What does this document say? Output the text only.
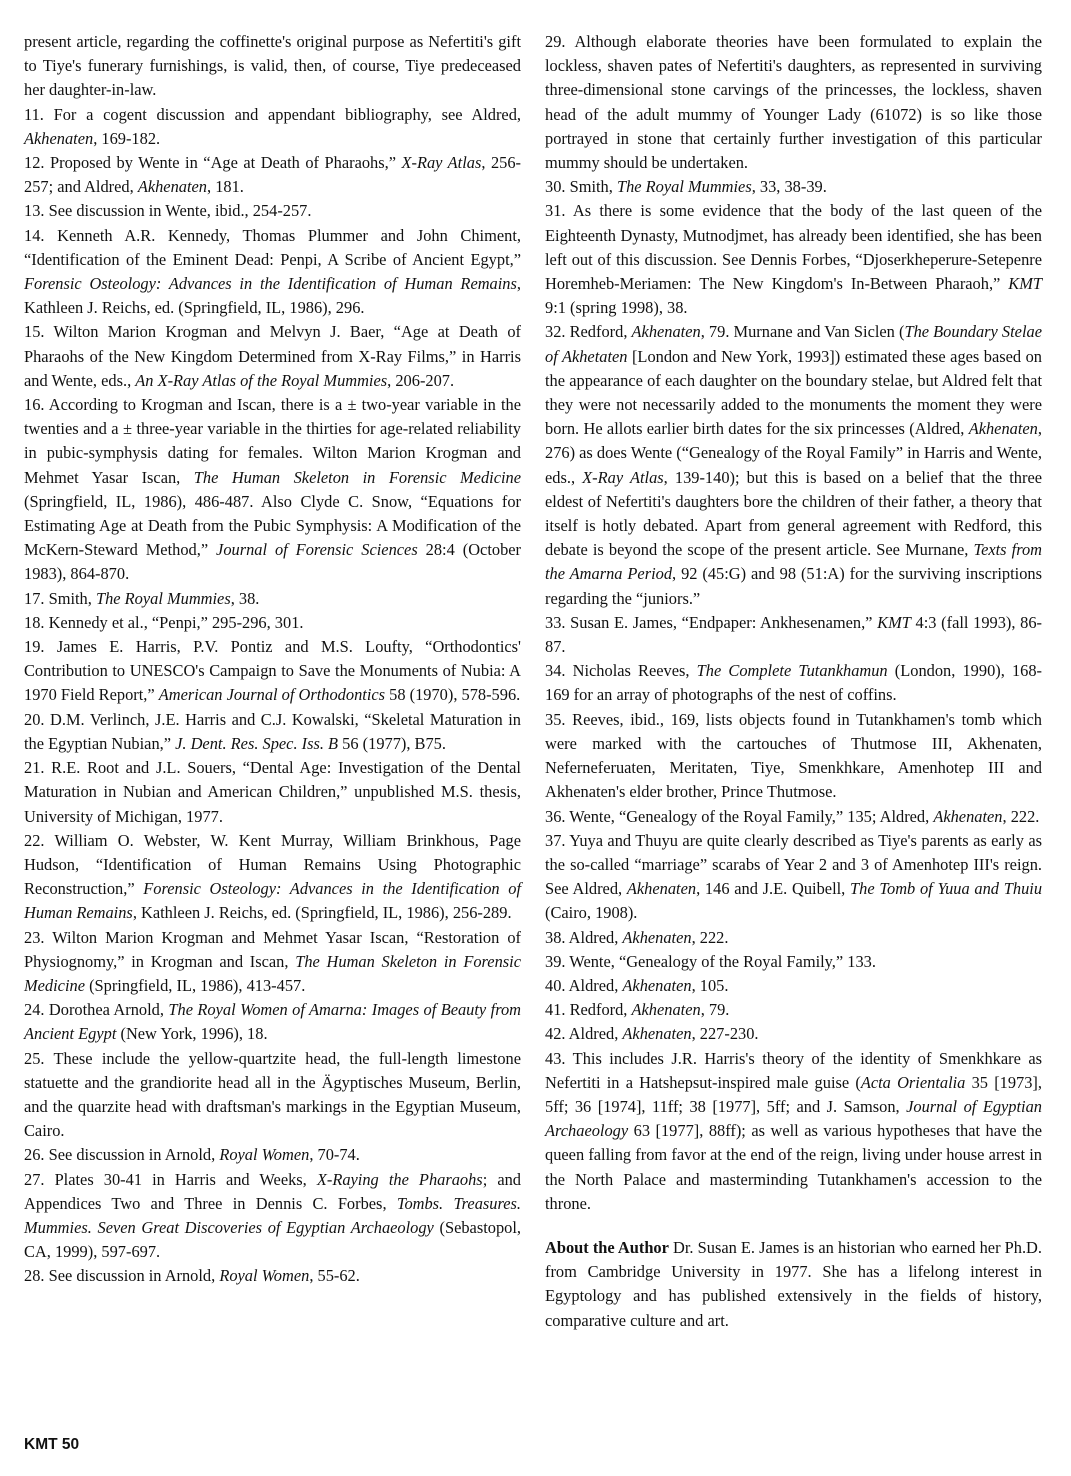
present article, regarding the coffinette's original purpose as Nefertiti's gift to Tiye's funerary furnishings, is valid, then, of course, Tiye predeceased her daughter-in-law.

11. For a cogent discussion and appendant bibliography, see Aldred, Akhenaten, 169-182.

12. Proposed by Wente in “Age at Death of Pharaohs,” X-Ray Atlas, 256-257; and Aldred, Akhenaten, 181.

13. See discussion in Wente, ibid., 254-257.

14. Kenneth A.R. Kennedy, Thomas Plummer and John Chiment, “Identification of the Eminent Dead: Penpi, A Scribe of Ancient Egypt,” Forensic Osteology: Advances in the Identification of Human Remains, Kathleen J. Reichs, ed. (Springfield, IL, 1986), 296.

15. Wilton Marion Krogman and Melvyn J. Baer, “Age at Death of Pharaohs of the New Kingdom Determined from X-Ray Films,” in Harris and Wente, eds., An X-Ray Atlas of the Royal Mummies, 206-207.

16. According to Krogman and Iscan, there is a ± two-year variable in the twenties and a ± three-year variable in the thirties for age-related reliability in pubic-symphysis dating for females. Wilton Marion Krogman and Mehmet Yasar Iscan, The Human Skeleton in Forensic Medicine (Springfield, IL, 1986), 486-487. Also Clyde C. Snow, “Equations for Estimating Age at Death from the Pubic Symphysis: A Modification of the McKern-Steward Method,” Journal of Forensic Sciences 28:4 (October 1983), 864-870.

17. Smith, The Royal Mummies, 38.

18. Kennedy et al., “Penpi,” 295-296, 301.

19. James E. Harris, P.V. Pontiz and M.S. Loufty, “Orthodontics' Contribution to UNESCO's Campaign to Save the Monuments of Nubia: A 1970 Field Report,” American Journal of Orthodontics 58 (1970), 578-596.

20. D.M. Verlinch, J.E. Harris and C.J. Kowalski, “Skeletal Maturation in the Egyptian Nubian,” J. Dent. Res. Spec. Iss. B 56 (1977), B75.

21. R.E. Root and J.L. Souers, “Dental Age: Investigation of the Dental Maturation in Nubian and American Children,” unpublished M.S. thesis, University of Michigan, 1977.

22. William O. Webster, W. Kent Murray, William Brinkhous, Page Hudson, “Identification of Human Remains Using Photographic Reconstruction,” Forensic Osteology: Advances in the Identification of Human Remains, Kathleen J. Reichs, ed. (Springfield, IL, 1986), 256-289.

23. Wilton Marion Krogman and Mehmet Yasar Iscan, “Restoration of Physiognomy,” in Krogman and Iscan, The Human Skeleton in Forensic Medicine (Springfield, IL, 1986), 413-457.

24. Dorothea Arnold, The Royal Women of Amarna: Images of Beauty from Ancient Egypt (New York, 1996), 18.

25. These include the yellow-quartzite head, the full-length limestone statuette and the grandiorite head all in the Ägyptisches Museum, Berlin, and the quarzite head with draftsman's markings in the Egyptian Museum, Cairo.

26. See discussion in Arnold, Royal Women, 70-74.

27. Plates 30-41 in Harris and Weeks, X-Raying the Pharaohs; and Appendices Two and Three in Dennis C. Forbes, Tombs. Treasures. Mummies. Seven Great Discoveries of Egyptian Archaeology (Sebastopol, CA, 1999), 597-697.

28. See discussion in Arnold, Royal Women, 55-62.

29. Although elaborate theories have been formulated to explain the lockless, shaven pates of Nefertiti's daughters, as represented in surviving three-dimensional stone carvings of the princesses, the lockless, shaven head of the adult mummy of Younger Lady (61072) is so like those portrayed in stone that certainly further investigation of this particular mummy should be undertaken.

30. Smith, The Royal Mummies, 33, 38-39.

31. As there is some evidence that the body of the last queen of the Eighteenth Dynasty, Mutnodjmet, has already been identified, she has been left out of this discussion. See Dennis Forbes, “Djoserkheperure-Setepenre Horemheb-Meriamen: The New Kingdom's In-Between Pharaoh,” KMT 9:1 (spring 1998), 38.

32. Redford, Akhenaten, 79. Murnane and Van Siclen (The Boundary Stelae of Akhetaten [London and New York, 1993]) estimated these ages based on the appearance of each daughter on the boundary stelae, but Aldred felt that they were not necessarily added to the monuments the moment they were born. He allots earlier birth dates for the six princesses (Aldred, Akhenaten, 276) as does Wente (“Genealogy of the Royal Family” in Harris and Wente, eds., X-Ray Atlas, 139-140); but this is based on a belief that the three eldest of Nefertiti's daughters bore the children of their father, a theory that itself is hotly debated. Apart from general agreement with Redford, this debate is beyond the scope of the present article. See Murnane, Texts from the Amarna Period, 92 (45:G) and 98 (51:A) for the surviving inscriptions regarding the “juniors.”

33. Susan E. James, “Endpaper: Ankhesenamen,” KMT 4:3 (fall 1993), 86-87.

34. Nicholas Reeves, The Complete Tutankhamun (London, 1990), 168-169 for an array of photographs of the nest of coffins.

35. Reeves, ibid., 169, lists objects found in Tutankhamen's tomb which were marked with the cartouches of Thutmose III, Akhenaten, Neferneferuaten, Meritaten, Tiye, Smenkhkare, Amenhotep III and Akhenaten's elder brother, Prince Thutmose.

36. Wente, “Genealogy of the Royal Family,” 135; Aldred, Akhenaten, 222.

37. Yuya and Thuyu are quite clearly described as Tiye's parents as early as the so-called “marriage” scarabs of Year 2 and 3 of Amenhotep III's reign. See Aldred, Akhenaten, 146 and J.E. Quibell, The Tomb of Yuua and Thuiu (Cairo, 1908).

38. Aldred, Akhenaten, 222.

39. Wente, “Genealogy of the Royal Family,” 133.

40. Aldred, Akhenaten, 105.

41. Redford, Akhenaten, 79.

42. Aldred, Akhenaten, 227-230.

43. This includes J.R. Harris's theory of the identity of Smenkhkare as Nefertiti in a Hatshepsut-inspired male guise (Acta Orientalia 35 [1973], 5ff; 36 [1974], 11ff; 38 [1977], 5ff; and J. Samson, Journal of Egyptian Archaeology 63 [1977], 88ff); as well as various hypotheses that have the queen falling from favor at the end of the reign, living under house arrest in the North Palace and masterminding Tutankhamen's accession to the throne.

About the Author Dr. Susan E. James is an historian who earned her Ph.D. from Cambridge University in 1977. She has a lifelong interest in Egyptology and has published extensively in the fields of history, comparative culture and art.

KMT 50
